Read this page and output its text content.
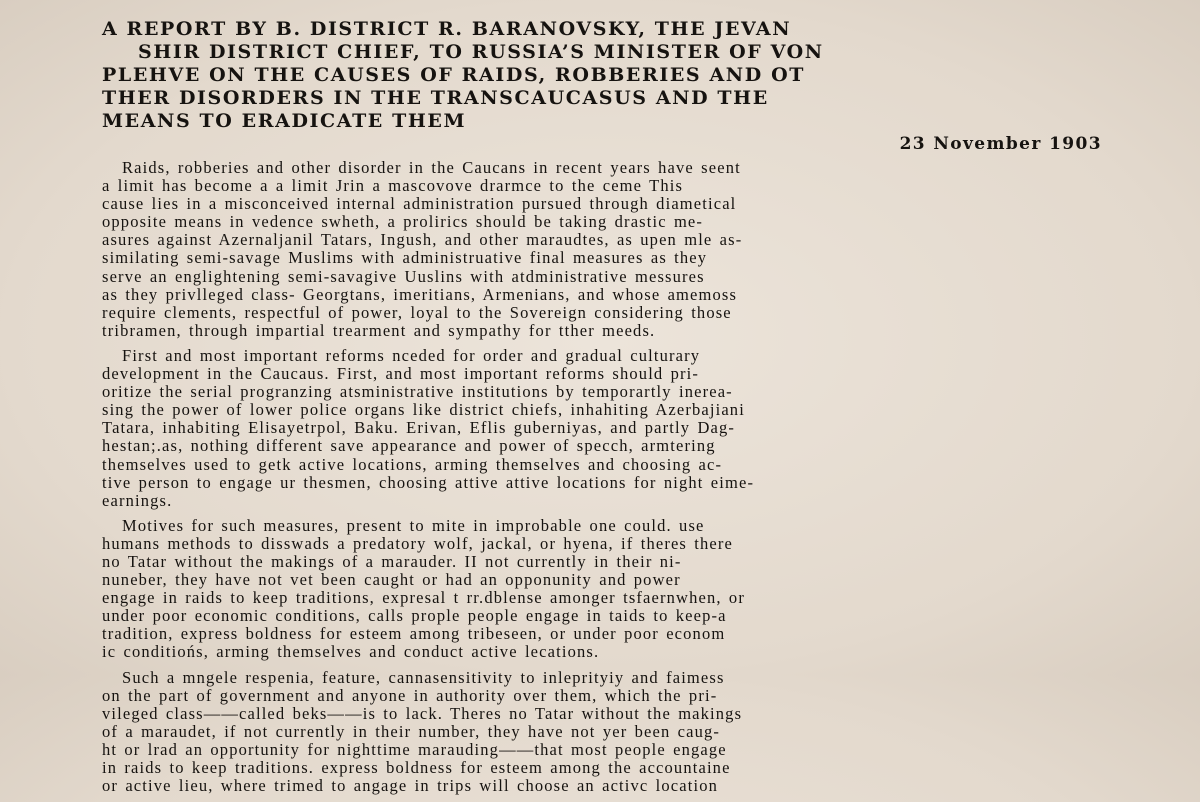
A REPORT BY B. DISTRICT R. BARANOVSKY, THE JEVAN
SHIR DISTRICT CHIEF, TO RUSSIA’S MINISTER OF VON
PLEHVE ON THE CAUSES OF RAIDS, ROBBERIES AND OT
THER DISORDERS IN THE TRANSCAUCASUS AND THE
MEANS TO ERADICATE THEM

23 November 1903

Raids, robberies and other disorder in the Caucans in recent years have seent
a limit has become a a limit Jrin a mascovove drarmce to the ceme This
cause lies in a misconceived internal administration pursued through diametical
opposite means in vedence swheth, a prolirics should be taking drastic me-
asures against Azernaljanil Tatars, Ingush, and other maraudtes, as upen mle as-
similating semi-savage Muslims with administruative final measures as they
serve an englightening semi-savagive Uuslins with atdministrative messures
as they privlleged class- Georgtans, imeritians, Armenians, and whose amemoss
require clements, respectful of power, loyal to the Sovereign considering those
tribramen, through impartial trearment and sympathy for tther meeds.

First and most important reforms nceded for order and gradual culturary
development in the Caucaus. First, and most important reforms should pri-
oritize the serial progranzing atsministrative institutions by temporartly inerea-
sing the power of lower police organs like district chiefs, inhahiting Azerbajiani
Tatara, inhabiting Elisayetrpol, Baku. Erivan, Eflis guberniyas, and partly Dag-
hestan;.as, nothing different save appearance and power of specch, armtering
themselves used to getk active locations, arming themselves and choosing ac-
tive person to engage ur thesmen, choosing attive attive locations for night eime-
earnings.

Motives for such measures, present to mite in improbable one could. use
humans methods to disswads a predatory wolf, jackal, or hyena, if theres there
no Tatar without the makings of a marauder. II not currently in their ni-
nuneber, they have not vet been caught or had an opponunity and power
engage in raids to keep traditions, expresal t rr.dblense amonger tsfaernwhen, or
under poor economic conditions, calls prople people engage in taids to keep-a
tradition, express boldness for esteem among tribeseen, or under poor econom
ic conditiońs, arming themselves and conduct active lecations.

Such a mngele respenia, feature, cannasensitivity to inleprityiy and faimess
on the part of government and anyone in authority over them, which the pri-
vileged class——called beks——is to lack. Theres no Tatar without the makings
of a maraudet, if not currently in their number, they have not yer been caug-
ht or lrad an opportunity for nighttime marauding——that most people engage
in raids to keep traditions. express boldness for esteem among the accountaine
or active lieu, where trimed to angage in trips will choose an activc location
